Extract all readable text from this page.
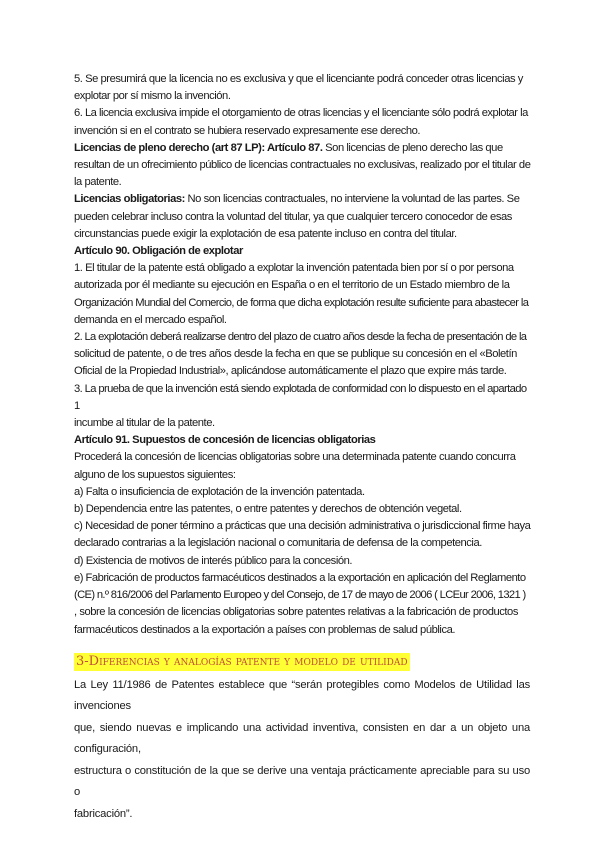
5. Se presumirá que la licencia no es exclusiva y que el licenciante podrá conceder otras licencias y
explotar por sí mismo la invención.
6. La licencia exclusiva impide el otorgamiento de otras licencias y el licenciante sólo podrá explotar la
invención si en el contrato se hubiera reservado expresamente ese derecho.
Licencias de pleno derecho (art 87 LP): Artículo 87. Son licencias de pleno derecho las que
resultan de un ofrecimiento público de licencias contractuales no exclusivas, realizado por el titular de
la patente.
Licencias obligatorias: No son licencias contractuales, no interviene la voluntad de las partes. Se
pueden celebrar incluso contra la voluntad del titular, ya que cualquier tercero conocedor de esas
circunstancias puede exigir la explotación de esa patente incluso en contra del titular.
Artículo 90. Obligación de explotar
1. El titular de la patente está obligado a explotar la invención patentada bien por sí o por persona
autorizada por él mediante su ejecución en España o en el territorio de un Estado miembro de la
Organización Mundial del Comercio, de forma que dicha explotación resulte suficiente para abastecer la
demanda en el mercado español.
2. La explotación deberá realizarse dentro del plazo de cuatro años desde la fecha de presentación de la
solicitud de patente, o de tres años desde la fecha en que se publique su concesión en el «Boletín
Oficial de la Propiedad Industrial», aplicándose automáticamente el plazo que expire más tarde.
3. La prueba de que la invención está siendo explotada de conformidad con lo dispuesto en el apartado
1
incumbe al titular de la patente.
Artículo 91. Supuestos de concesión de licencias obligatorias
Procederá la concesión de licencias obligatorias sobre una determinada patente cuando concurra
alguno de los supuestos siguientes:
a) Falta o insuficiencia de explotación de la invención patentada.
b) Dependencia entre las patentes, o entre patentes y derechos de obtención vegetal.
c) Necesidad de poner término a prácticas que una decisión administrativa o jurisdiccional firme haya
declarado contrarias a la legislación nacional o comunitaria de defensa de la competencia.
d) Existencia de motivos de interés público para la concesión.
e) Fabricación de productos farmacéuticos destinados a la exportación en aplicación del Reglamento
(CE) n.º 816/2006 del Parlamento Europeo y del Consejo, de 17 de mayo de 2006 ( LCEur 2006, 1321 )
, sobre la concesión de licencias obligatorias sobre patentes relativas a la fabricación de productos
farmacéuticos destinados a la exportación a países con problemas de salud pública.
3-Diferencias y analogías patente y modelo de utilidad
La Ley 11/1986 de Patentes establece que “serán protegibles como Modelos de Utilidad las invenciones
que, siendo nuevas e implicando una actividad inventiva, consisten en dar a un objeto una configuración,
estructura o constitución de la que se derive una ventaja prácticamente apreciable para su uso o
fabricación”.
